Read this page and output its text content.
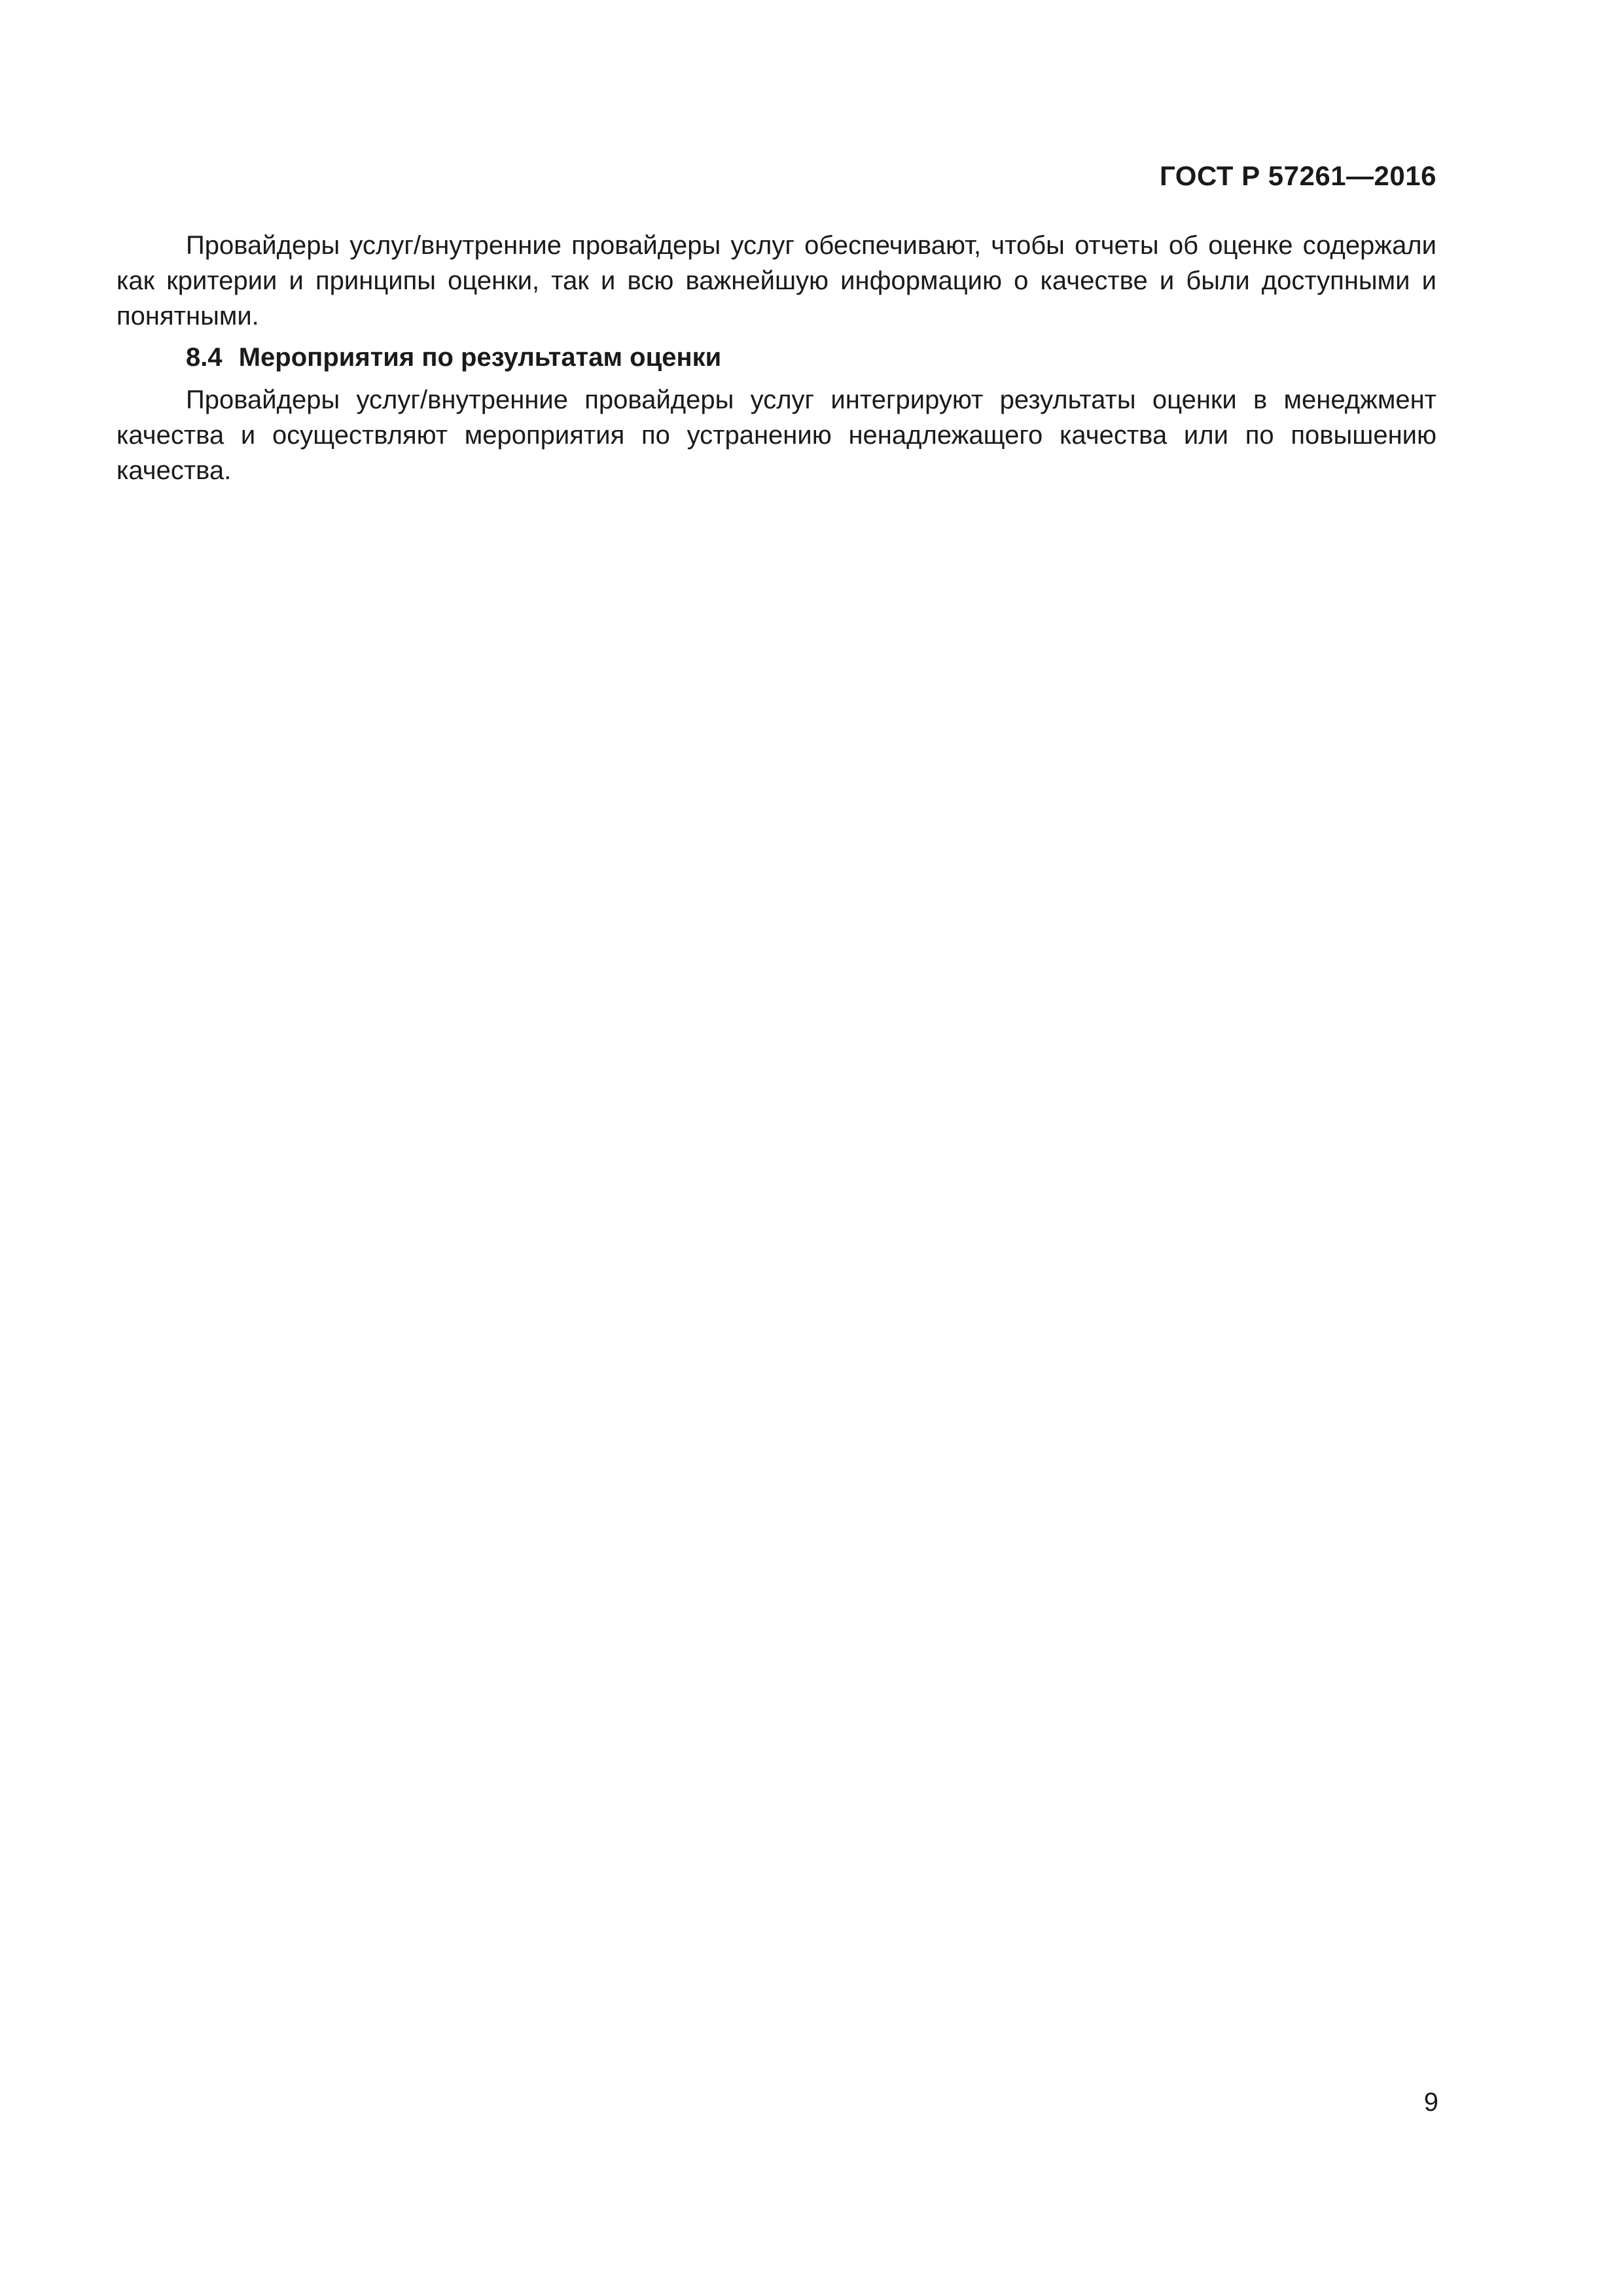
ГОСТ Р 57261—2016

Провайдеры услуг/внутренние провайдеры услуг обеспечивают, чтобы отчеты об оценке содержали как критерии и принципы оценки, так и всю важнейшую информацию о качестве и были доступными и понятными.

8.4 Мероприятия по результатам оценки

Провайдеры услуг/внутренние провайдеры услуг интегрируют результаты оценки в менеджмент качества и осуществляют мероприятия по устранению ненадлежащего качества или по повышению качества.

9
